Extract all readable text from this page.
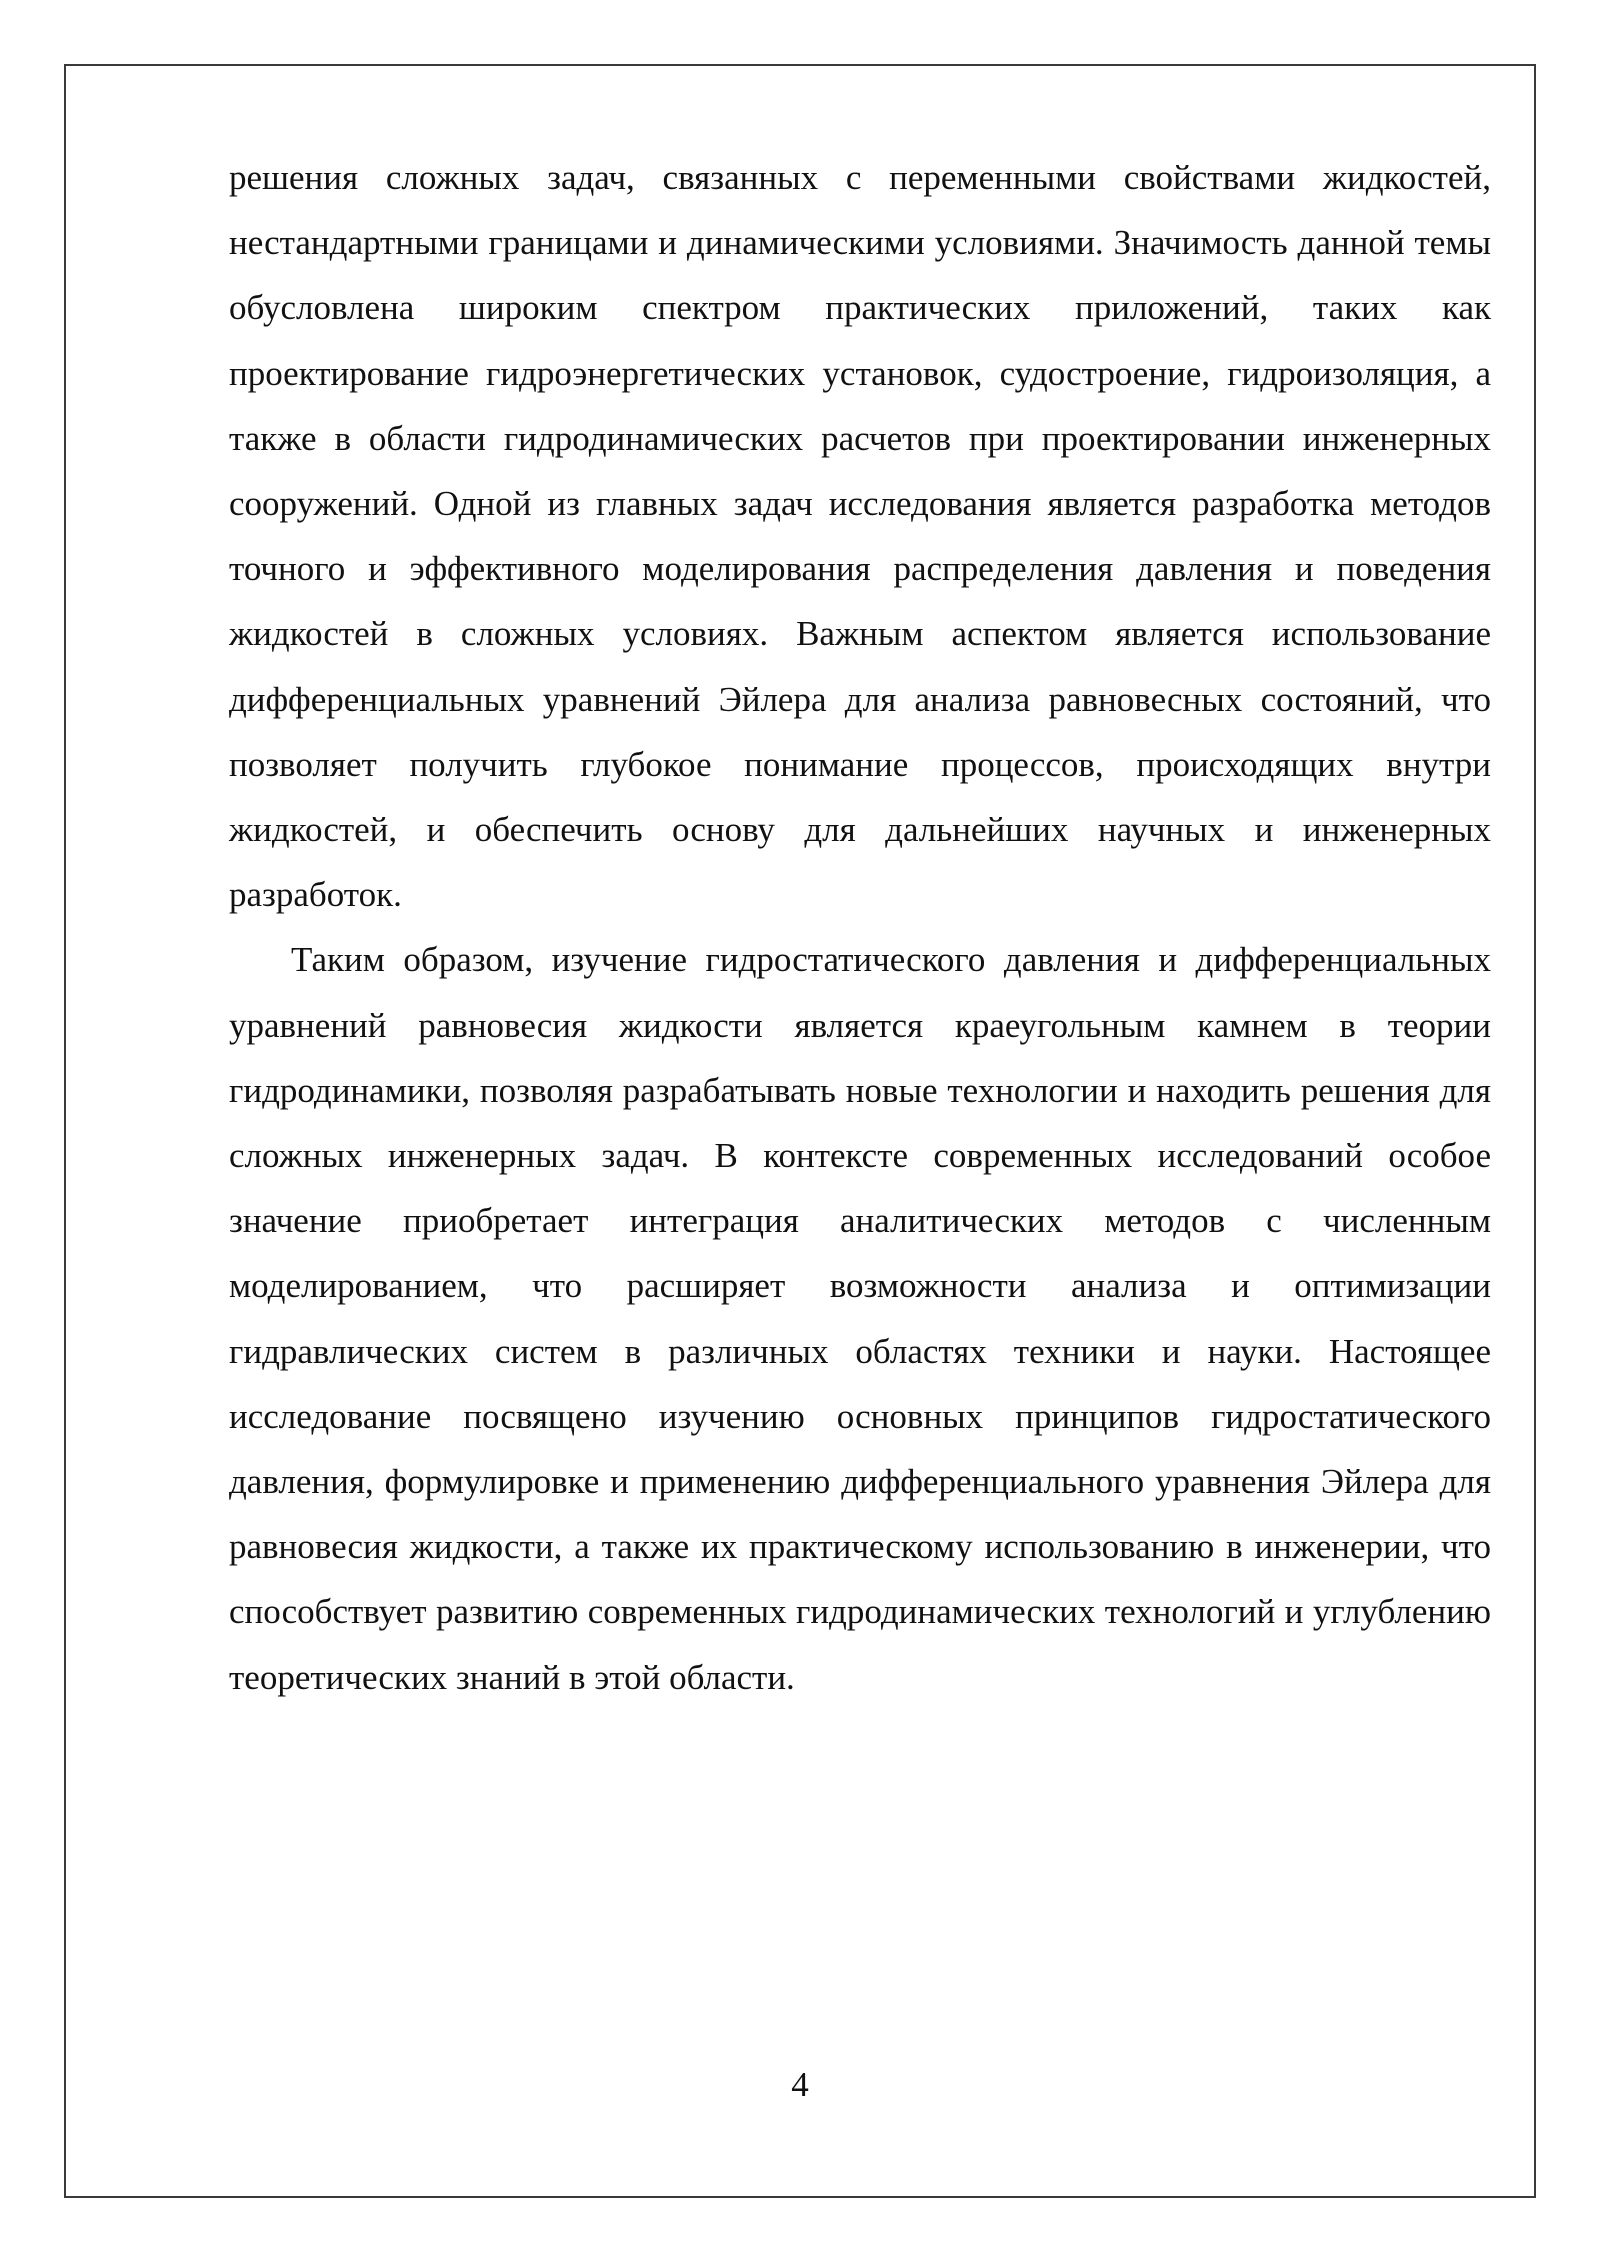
решения сложных задач, связанных с переменными свойствами жидкостей, нестандартными границами и динамическими условиями. Значимость данной темы обусловлена широким спектром практических приложений, таких как проектирование гидроэнергетических установок, судостроение, гидроизоляция, а также в области гидродинамических расчетов при проектировании инженерных сооружений. Одной из главных задач исследования является разработка методов точного и эффективного моделирования распределения давления и поведения жидкостей в сложных условиях. Важным аспектом является использование дифференциальных уравнений Эйлера для анализа равновесных состояний, что позволяет получить глубокое понимание процессов, происходящих внутри жидкостей, и обеспечить основу для дальнейших научных и инженерных разработок.

Таким образом, изучение гидростатического давления и дифференциальных уравнений равновесия жидкости является краеугольным камнем в теории гидродинамики, позволяя разрабатывать новые технологии и находить решения для сложных инженерных задач. В контексте современных исследований особое значение приобретает интеграция аналитических методов с численным моделированием, что расширяет возможности анализа и оптимизации гидравлических систем в различных областях техники и науки. Настоящее исследование посвящено изучению основных принципов гидростатического давления, формулировке и применению дифференциального уравнения Эйлера для равновесия жидкости, а также их практическому использованию в инженерии, что способствует развитию современных гидродинамических технологий и углублению теоретических знаний в этой области.

4
